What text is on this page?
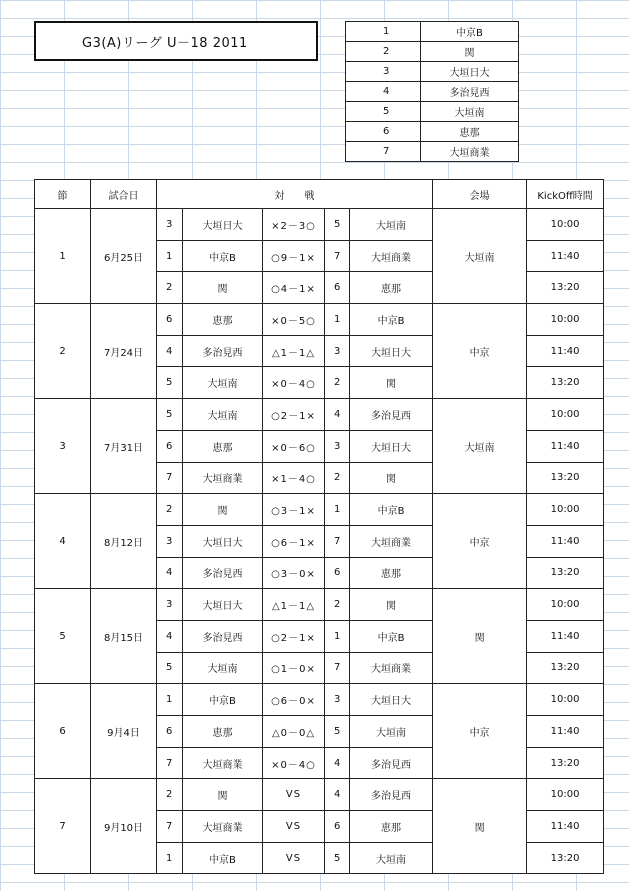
G3(A)リーグ U－18 2011
1	中京B
2	関
3	大垣日大
4	多治見西
5	大垣南
6	恵那
7	大垣商業
節	試合日	対　　戦					会場	KickOff時間
1	6月25日	3	大垣日大	×2－3○	5	大垣南	大垣南	10:00
		1	中京B	○9－1×	7	大垣商業		11:40
		2	関	○4－1×	6	恵那		13:20
2	7月24日	6	恵那	×0－5○	1	中京B	中京	10:00
		4	多治見西	△1－1△	3	大垣日大		11:40
		5	大垣南	×0－4○	2	関		13:20
3	7月31日	5	大垣南	○2－1×	4	多治見西	大垣南	10:00
		6	恵那	×0－6○	3	大垣日大		11:40
		7	大垣商業	×1－4○	2	関		13:20
4	8月12日	2	関	○3－1×	1	中京B	中京	10:00
		3	大垣日大	○6－1×	7	大垣商業		11:40
		4	多治見西	○3－0×	6	恵那		13:20
5	8月15日	3	大垣日大	△1－1△	2	関	関	10:00
		4	多治見西	○2－1×	1	中京B		11:40
		5	大垣南	○1－0×	7	大垣商業		13:20
6	9月4日	1	中京B	○6－0×	3	大垣日大	中京	10:00
		6	恵那	△0－0△	5	大垣南		11:40
		7	大垣商業	×0－4○	4	多治見西		13:20
7	9月10日	2	関	VS	4	多治見西	関	10:00
		7	大垣商業	VS	6	恵那		11:40
		1	中京B	VS	5	大垣南		13:20
